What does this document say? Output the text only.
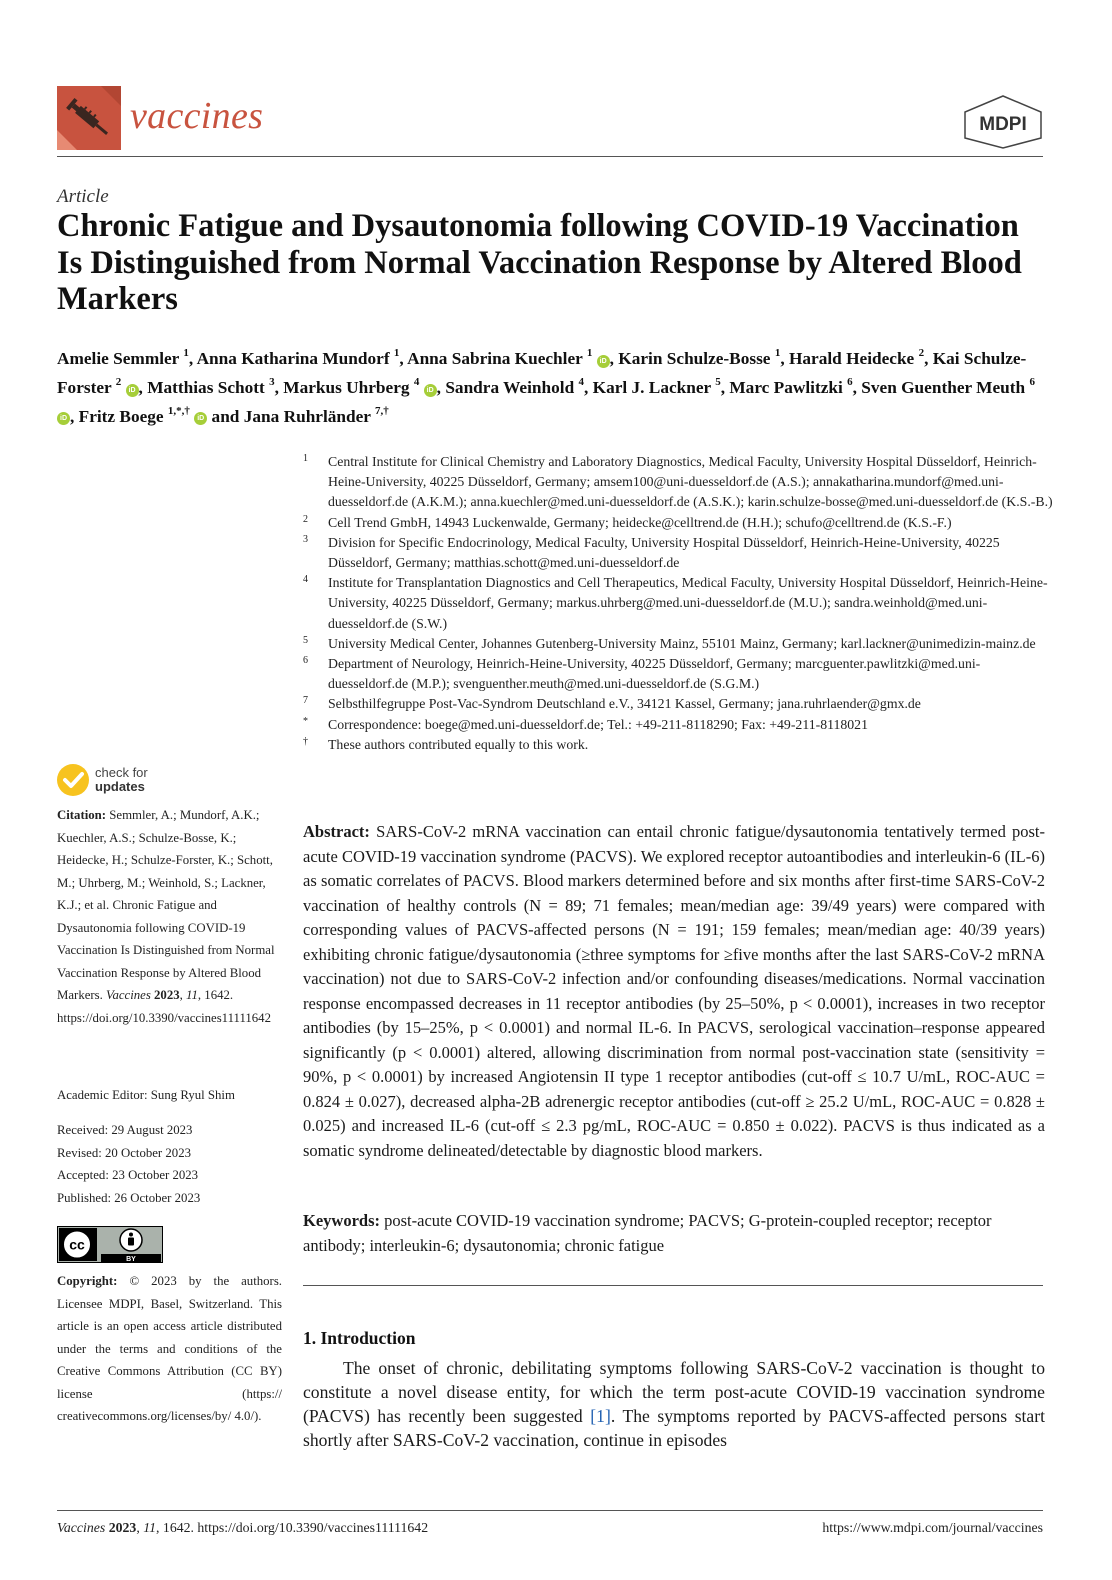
vaccines	MDPI
Article
Chronic Fatigue and Dysautonomia following COVID-19 Vaccination Is Distinguished from Normal Vaccination Response by Altered Blood Markers
Amelie Semmler $^1$, Anna Katharina Mundorf $^1$, Anna Sabrina Kuechler $^1$ iD , Karin Schulze-Bosse $^1$, Harald Heidecke $^2$, Kai Schulze-Forster $^2$ iD , Matthias Schott $^3$, Markus Uhrberg $^4$ iD , Sandra Weinhold $^4$, Karl J. Lackner $^5$, Marc Pawlitzki $^6$, Sven Guenther Meuth $^6$ iD , Fritz Boege $^{1,*,\dagger}$ iD and Jana Ruhrländer $^{7,\dagger}$
1	Central Institute for Clinical Chemistry and Laboratory Diagnostics, Medical Faculty, University Hospital Düsseldorf, Heinrich-Heine-University, 40225 Düsseldorf, Germany; amsem100@uni-duesseldorf.de (A.S.); annakatharina.mundorf@med.uni-duesseldorf.de (A.K.M.); anna.kuechler@med.uni-duesseldorf.de (A.S.K.); karin.schulze-bosse@med.uni-duesseldorf.de (K.S.-B.)
2	Cell Trend GmbH, 14943 Luckenwalde, Germany; heidecke@celltrend.de (H.H.); schufo@celltrend.de (K.S.-F.)
3	Division for Specific Endocrinology, Medical Faculty, University Hospital Düsseldorf, Heinrich-Heine-University, 40225 Düsseldorf, Germany; matthias.schott@med.uni-duesseldorf.de
4	Institute for Transplantation Diagnostics and Cell Therapeutics, Medical Faculty, University Hospital Düsseldorf, Heinrich-Heine-University, 40225 Düsseldorf, Germany; markus.uhrberg@med.uni-duesseldorf.de (M.U.); sandra.weinhold@med.uni-duesseldorf.de (S.W.)
5	University Medical Center, Johannes Gutenberg-University Mainz, 55101 Mainz, Germany; karl.lackner@unimedizin-mainz.de
6	Department of Neurology, Heinrich-Heine-University, 40225 Düsseldorf, Germany; marcguenter.pawlitzki@med.uni-duesseldorf.de (M.P.); svenguenther.meuth@med.uni-duesseldorf.de (S.G.M.)
7	Selbsthilfegruppe Post-Vac-Syndrom Deutschland e.V., 34121 Kassel, Germany; jana.ruhrlaender@gmx.de
*	Correspondence: boege@med.uni-duesseldorf.de; Tel.: +49-211-8118290; Fax: +49-211-8118021
†	These authors contributed equally to this work.
check for
updates
Citation: Semmler, A.; Mundorf, A.K.; Kuechler, A.S.; Schulze-Bosse, K.; Heidecke, H.; Schulze-Forster, K.; Schott, M.; Uhrberg, M.; Weinhold, S.; Lackner, K.J.; et al. Chronic Fatigue and Dysautonomia following COVID-19 Vaccination Is Distinguished from Normal Vaccination Response by Altered Blood Markers. Vaccines 2023, 11, 1642. https://doi.org/10.3390/vaccines11111642
Academic Editor: Sung Ryul Shim
Received: 29 August 2023
Revised: 20 October 2023
Accepted: 23 October 2023
Published: 26 October 2023
cc
BY
Copyright: © 2023 by the authors. Licensee MDPI, Basel, Switzerland. This article is an open access article distributed under the terms and conditions of the Creative Commons Attribution (CC BY) license (https:// creativecommons.org/licenses/by/ 4.0/).
Abstract: SARS-CoV-2 mRNA vaccination can entail chronic fatigue/dysautonomia tentatively termed post-acute COVID-19 vaccination syndrome (PACVS). We explored receptor autoantibodies and interleukin-6 (IL-6) as somatic correlates of PACVS. Blood markers determined before and six months after first-time SARS-CoV-2 vaccination of healthy controls (N = 89; 71 females; mean/median age: 39/49 years) were compared with corresponding values of PACVS-affected persons (N = 191; 159 females; mean/median age: 40/39 years) exhibiting chronic fatigue/dysautonomia (≥three symptoms for ≥five months after the last SARS-CoV-2 mRNA vaccination) not due to SARS-CoV-2 infection and/or confounding diseases/medications. Normal vaccination response encompassed decreases in 11 receptor antibodies (by 25–50%, p < 0.0001), increases in two receptor antibodies (by 15–25%, p < 0.0001) and normal IL-6. In PACVS, serological vaccination–response appeared significantly (p < 0.0001) altered, allowing discrimination from normal post-vaccination state (sensitivity = 90%, p < 0.0001) by increased Angiotensin II type 1 receptor antibodies (cut-off ≤ 10.7 U/mL, ROC-AUC = 0.824 ± 0.027), decreased alpha-2B adrenergic receptor antibodies (cut-off ≥ 25.2 U/mL, ROC-AUC = 0.828 ± 0.025) and increased IL-6 (cut-off ≤ 2.3 pg/mL, ROC-AUC = 0.850 ± 0.022). PACVS is thus indicated as a somatic syndrome delineated/detectable by diagnostic blood markers.
Keywords: post-acute COVID-19 vaccination syndrome; PACVS; G-protein-coupled receptor; receptor antibody; interleukin-6; dysautonomia; chronic fatigue
1. Introduction
The onset of chronic, debilitating symptoms following SARS-CoV-2 vaccination is thought to constitute a novel disease entity, for which the term post-acute COVID-19 vaccination syndrome (PACVS) has recently been suggested [1]. The symptoms reported by PACVS-affected persons start shortly after SARS-CoV-2 vaccination, continue in episodes
Vaccines 2023, 11, 1642. https://doi.org/10.3390/vaccines11111642	https://www.mdpi.com/journal/vaccines
